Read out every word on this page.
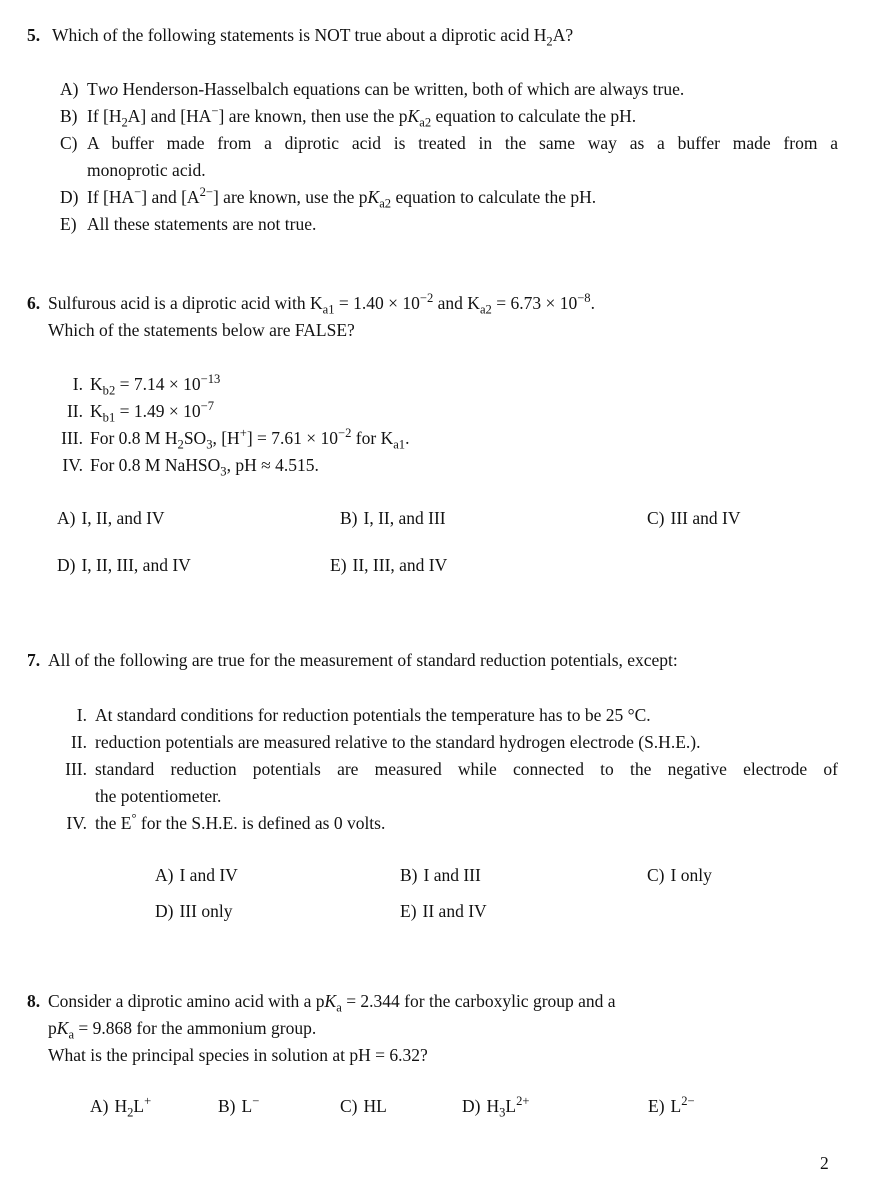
5. Which of the following statements is NOT true about a diprotic acid $H_2A$?
A) Two Henderson-Hasselbalch equations can be written, both of which are always true.
B) If $[H_2A]$ and [HA−] are known, then use the $pK_{a2}$ equation to calculate the pH.
C) A buffer made from a diprotic acid is treated in the same way as a buffer made from a
monoprotic acid.
D) If [HA−] and $[A^{2-}]$ are known, use the $pK_{a2}$ equation to calculate the pH.
E) All these statements are not true.
6. Sulfurous acid is a diprotic acid with $K_{a1} = 1.40 \times 10^{-2}$ and $K_{a2} = 6.73 \times 10^{-8}$.
Which of the statements below are FALSE?
I. $K_{b2} = 7.14 \times 10^{-13}$
II. $K_{b1} = 1.49 \times 10^{-7}$
III. For 0.8 M $H_2SO_3$, $[H^+] = 7.61 \times 10^{-2}$ for $K_{a1}$.
IV. For 0.8 M NaHSO$_3$, pH ≈ 4.515.
A) I, II, and IV	B) I, II, and III	C) III and IV
D) I, II, III, and IV	E) II, III, and IV
7. All of the following are true for the measurement of standard reduction potentials, except:
I. At standard conditions for reduction potentials the temperature has to be 25 °C.
II. reduction potentials are measured relative to the standard hydrogen electrode (S.H.E.).
III. standard reduction potentials are measured while connected to the negative electrode of
the potentiometer.
IV. the E° for the S.H.E. is defined as 0 volts.
A) I and IV	B) I and III	C) I only
D) III only	E) II and IV
8. Consider a diprotic amino acid with a $pK_a = 2.344$ for the carboxylic group and a
$pK_a = 9.868$ for the ammonium group.
What is the principal species in solution at pH = 6.32?
A) $H_2L^+$	B) L−	C) HL	D) $H_3L^{2+}$	E) $L^{2-}$
2
